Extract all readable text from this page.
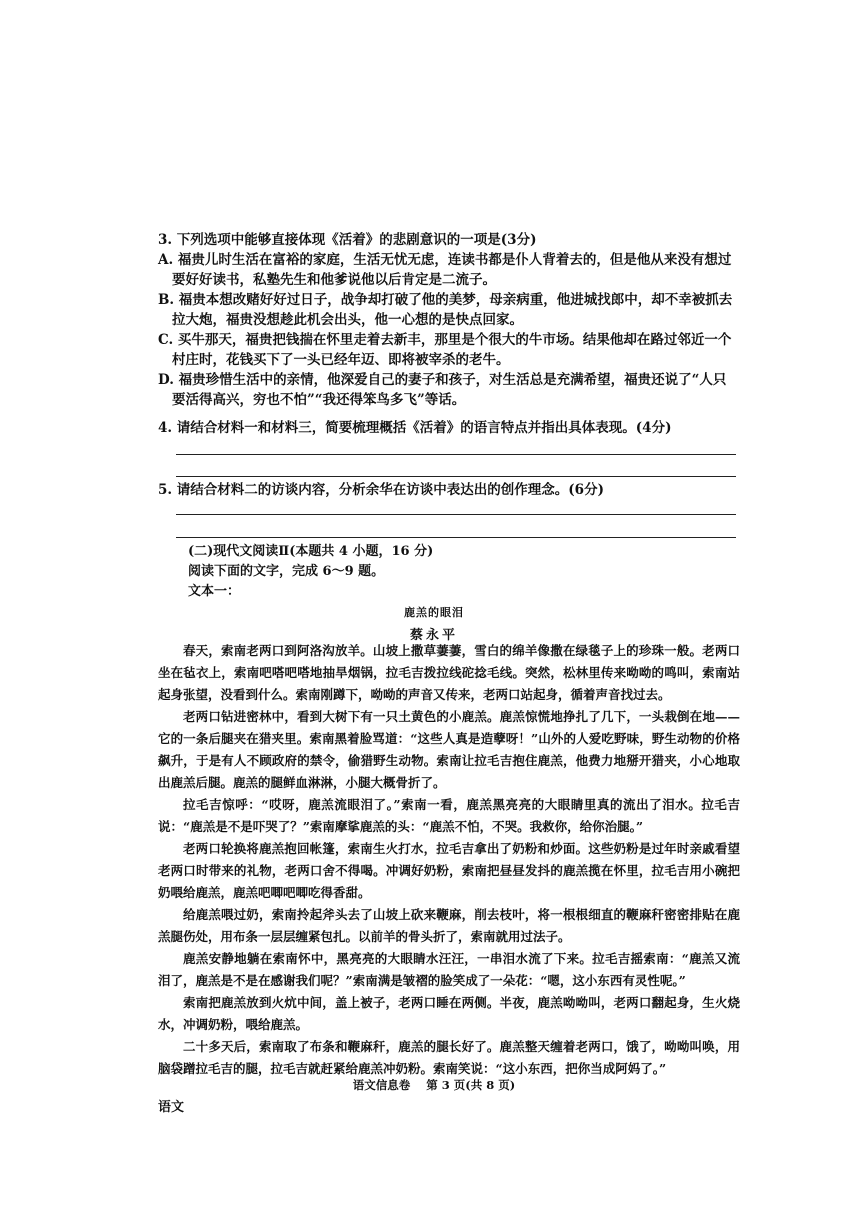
3. 下列选项中能够直接体现《活着》的悲剧意识的一项是(3分)
A. 福贵儿时生活在富裕的家庭，生活无忧无虑，连读书都是仆人背着去的，但是他从来没有想过要好好读书，私塾先生和他爹说他以后肯定是二流子。
B. 福贵本想改赌好好过日子，战争却打破了他的美梦，母亲病重，他进城找郎中，却不幸被抓去拉大炮，福贵没想趁此机会出头，他一心想的是快点回家。
C. 买牛那天，福贵把钱揣在怀里走着去新丰，那里是个很大的牛市场。结果他却在路过邻近一个村庄时，花钱买下了一头已经年迈、即将被宰杀的老牛。
D. 福贵珍惜生活中的亲情，他深爱自己的妻子和孩子，对生活总是充满希望，福贵还说了“人只要活得高兴，穷也不怕”“我还得笨鸟多飞”等话。
4. 请结合材料一和材料三，简要梳理概括《活着》的语言特点并指出具体表现。(4分)
5. 请结合材料二的访谈内容，分析余华在访谈中表达出的创作理念。(6分)
(二)现代文阅读Ⅱ(本题共 4 小题，16 分)
阅读下面的文字，完成 6～9 题。
文本一：
鹿羔的眼泪
蔡永平

春天，索南老两口到阿洛沟放羊。山坡上撒草萋萋，雪白的绵羊像撒在绿毯子上的珍珠一般。老两口坐在毡衣上，索南吧嗒吧嗒地抽旱烟锅，拉毛吉拨拉线砣捻毛线。突然，松林里传来呦呦的鸣叫，索南站起身张望，没看到什么。索南刚蹲下，呦呦的声音又传来，老两口站起身，循着声音找过去。

老两口钻进密林中，看到大树下有一只土黄色的小鹿羔。鹿羔惊慌地挣扎了几下，一头栽倒在地——它的一条后腿夹在猎夹里。索南黑着脸骂道：“这些人真是造孽呀！”山外的人爱吃野味，野生动物的价格飙升，于是有人不顾政府的禁令，偷猎野生动物。索南让拉毛吉抱住鹿羔，他费力地掰开猎夹，小心地取出鹿羔后腿。鹿羔的腿鲜血淋淋，小腿大概骨折了。

拉毛吉惊呼：“哎呀，鹿羔流眼泪了。”索南一看，鹿羔黑亮亮的大眼睛里真的流出了泪水。拉毛吉说：“鹿羔是不是吓哭了？”索南摩挲鹿羔的头：“鹿羔不怕，不哭。我救你，给你治腿。”

老两口轮换将鹿羔抱回帐篷，索南生火打水，拉毛吉拿出了奶粉和炒面。这些奶粉是过年时亲戚看望老两口时带来的礼物，老两口舍不得喝。冲调好奶粉，索南把昼昼发抖的鹿羔揽在怀里，拉毛吉用小碗把奶喂给鹿羔，鹿羔吧唧吧唧吃得香甜。

给鹿羔喂过奶，索南拎起斧头去了山坡上砍来鞭麻，削去枝叶，将一根根细直的鞭麻秆密密排贴在鹿羔腿伤处，用布条一层层缠紧包扎。以前羊的骨头折了，索南就用过法子。

鹿羔安静地躺在索南怀中，黑亮亮的大眼睛水汪汪，一串泪水流了下来。拉毛吉摇索南：“鹿羔又流泪了，鹿羔是不是在感谢我们呢？”索南满是皱褶的脸笑成了一朵花：“嗯，这小东西有灵性呢。”

索南把鹿羔放到火炕中间，盖上被子，老两口睡在两侧。半夜，鹿羔呦呦叫，老两口翻起身，生火烧水，冲调奶粉，喂给鹿羔。

二十多天后，索南取了布条和鞭麻秆，鹿羔的腿长好了。鹿羔整天缠着老两口，饿了，呦呦叫唤，用脑袋蹭拉毛吉的腿，拉毛吉就赶紧给鹿羔冲奶粉。索南笑说：“这小东西，把你当成阿妈了。”

语文信息卷 第 3 页(共 8 页)
语文
